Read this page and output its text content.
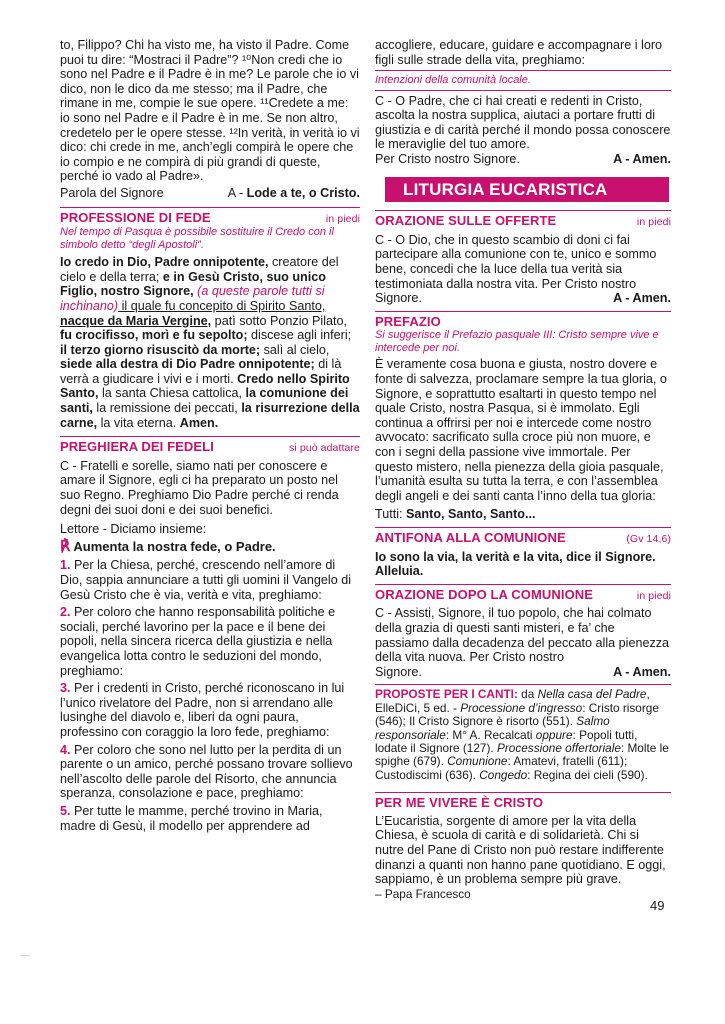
to, Filippo? Chi ha visto me, ha visto il Padre. Come puoi tu dire: “Mostraci il Padre”? ¹⁰Non credi che io sono nel Padre e il Padre è in me? Le parole che io vi dico, non le dico da me stesso; ma il Padre, che rimane in me, compie le sue opere. ¹¹Credete a me: io sono nel Padre e il Padre è in me. Se non altro, credetelo per le opere stesse. ¹²In verità, in verità io vi dico: chi crede in me, anch’egli compirà le opere che io compio e ne compirà di più grandi di queste, perché io vado al Padre».

Parola del Signore	A - Lode a te, o Cristo.
PROFESSIONE DI FEDE	in piedi

Nel tempo di Pasqua è possibile sostituire il Credo con il simbolo detto “degli Apostoli”.

Io credo in Dio, Padre onnipotente, creatore del cielo e della terra; e in Gesù Cristo, suo unico Figlio, nostro Signore, (a queste parole tutti si inchinano) il quale fu concepito di Spirito Santo, nacque da Maria Vergine, patì sotto Ponzio Pilato, fu crocifisso, morì e fu sepolto; discese agli inferi; il terzo giorno risuscitò da morte; salì al cielo, siede alla destra di Dio Padre onnipotente; di là verrà a giudicare i vivi e i morti. Credo nello Spirito Santo, la santa Chiesa cattolica, la comunione dei santi, la remissione dei peccati, la risurrezione della carne, la vita eterna. Amen.

PREGHIERA DEI FEDELI	si può adattare

C - Fratelli e sorelle, siamo nati per conoscere e amare il Signore, egli ci ha preparato un posto nel suo Regno. Preghiamo Dio Padre perché ci renda degni dei suoi doni e dei suoi benefici.

Lettore - Diciamo insieme:

℟ Aumenta la nostra fede, o Padre.

1. Per la Chiesa, perché, crescendo nell’amore di Dio, sappia annunciare a tutti gli uomini il Vangelo di Gesù Cristo che è via, verità e vita, preghiamo:

2. Per coloro che hanno responsabilità politiche e sociali, perché lavorino per la pace e il bene dei popoli, nella sincera ricerca della giustizia e nella evangelica lotta contro le seduzioni del mondo, preghiamo:

3. Per i credenti in Cristo, perché riconoscano in lui l’unico rivelatore del Padre, non si arrendano alle lusinghe del diavolo e, liberi da ogni paura, professino con coraggio la loro fede, preghiamo:

4. Per coloro che sono nel lutto per la perdita di un parente o un amico, perché possano trovare sollievo nell’ascolto delle parole del Risorto, che annuncia speranza, consolazione e pace, preghiamo:

5. Per tutte le mamme, perché trovino in Maria, madre di Gesù, il modello per apprendere ad

accogliere, educare, guidare e accompagnare i loro figli sulle strade della vita, preghiamo:

Intenzioni della comunità locale.

C - O Padre, che ci hai creati e redenti in Cristo, ascolta la nostra supplica, aiutaci a portare frutti di giustizia e di carità perché il mondo possa conoscere le meraviglie del tuo amore.

Per Cristo nostro Signore.	A - Amen.
LITURGIA EUCARISTICA
ORAZIONE SULLE OFFERTE	in piedi

C - O Dio, che in questo scambio di doni ci fai partecipare alla comunione con te, unico e sommo bene, concedi che la luce della tua verità sia testimoniata dalla nostra vita. Per Cristo nostro

Signore.	A - Amen.
PREFAZIO

Si suggerisce il Prefazio pasquale III: Cristo sempre vive e intercede per noi.

È veramente cosa buona e giusta, nostro dovere e fonte di salvezza, proclamare sempre la tua gloria, o Signore, e soprattutto esaltarti in questo tempo nel quale Cristo, nostra Pasqua, si è immolato. Egli continua a offrirsi per noi e intercede come nostro avvocato: sacrificato sulla croce più non muore, e con i segni della passione vive immortale. Per questo mistero, nella pienezza della gioia pasquale, l’umanità esulta su tutta la terra, e con l’assemblea degli angeli e dei santi canta l’inno della tua gloria:

Tutti: Santo, Santo, Santo...

ANTIFONA ALLA COMUNIONE	(Gv 14,6)

Io sono la via, la verità e la vita, dice il Signore. Alleluia.

ORAZIONE DOPO LA COMUNIONE	in piedi

C - Assisti, Signore, il tuo popolo, che hai colmato della grazia di questi santi misteri, e fa’ che passiamo dalla decadenza del peccato alla pienezza della vita nuova. Per Cristo nostro

Signore.	A - Amen.

PROPOSTE PER I CANTI: da Nella casa del Padre, ElleDiCi, 5 ed. - Processione d’ingresso: Cristo risorge (546); Il Cristo Signore è risorto (551). Salmo responsoriale: M° A. Recalcati oppure: Popoli tutti, lodate il Signore (127). Processione offertoriale: Molte le spighe (679). Comunione: Amatevi, fratelli (611); Custodiscimi (636). Congedo: Regina dei cieli (590).

PER ME VIVERE È CRISTO

L’Eucaristia, sorgente di amore per la vita della Chiesa, è scuola di carità e di solidarietà. Chi si nutre del Pane di Cristo non può restare indifferente dinanzi a quanti non hanno pane quotidiano. E oggi, sappiamo, è un problema sempre più grave.

– Papa Francesco

49
